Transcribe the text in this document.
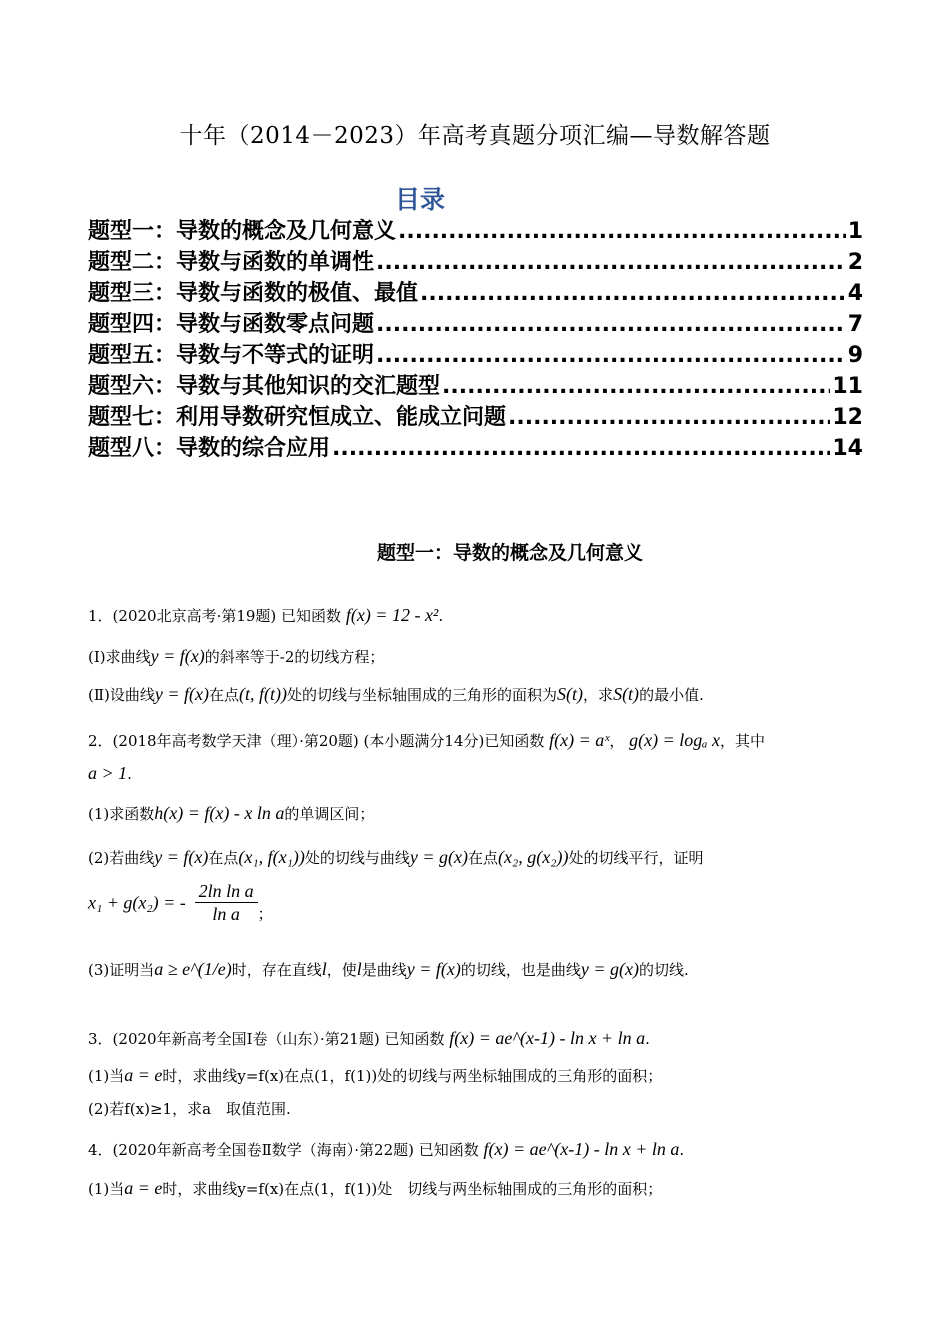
十年（2014－2023）年高考真题分项汇编—导数解答题
目录
题型一：导数的概念及几何意义 .....	1
题型二：导数与函数的单调性 .....	2
题型三：导数与函数的极值、最值 .....	4
题型四：导数与函数零点问题 .....	7
题型五：导数与不等式的证明 .....	9
题型六：导数与其他知识的交汇题型 .....	11
题型七：利用导数研究恒成立、能成立问题 .....	12
题型八：导数的综合应用 .....	14
题型一：导数的概念及几何意义
1．(2020北京高考·第19题) 已知函数 f(x) = 12 - x².
(Ⅰ)求曲线y = f(x)的斜率等于-2的切线方程；
(Ⅱ)设曲线y = f(x)在点(t, f(t))处的切线与坐标轴围成的三角形的面积为S(t)，求S(t)的最小值.
2．(2018年高考数学天津（理）·第20题) (本小题满分14分)已知函数 f(x) = aˣ， g(x) = logₐ x，其中
a > 1.
(1)求函数h(x) = f(x) - x ln a的单调区间；
(2)若曲线y = f(x)在点(x₁, f(x₁))处的切线与曲线y = g(x)在点(x₂, g(x₂))处的切线平行，证明
x₁ + g(x₂) = - $\frac{\text{2ln ln a}}{\text{ln a}}$ ；
(3)证明当a ≥ e^(1/e)时，存在直线l，使l是曲线y = f(x)的切线，也是曲线y = g(x)的切线.
3．(2020年新高考全国Ⅰ卷（山东）·第21题) 已知函数 f(x) = ae^(x-1) - ln x + ln a.
(1)当a = e时，求曲线y=f(x)在点(1，f(1))处的切线与两坐标轴围成的三角形的面积；
(2)若f(x)≥1，求a　取值范围.
4．(2020年新高考全国卷Ⅱ数学（海南）·第22题) 已知函数 f(x) = ae^(x-1) - ln x + ln a.
(1)当a = e时，求曲线y=f(x)在点(1，f(1))处　切线与两坐标轴围成的三角形的面积；
